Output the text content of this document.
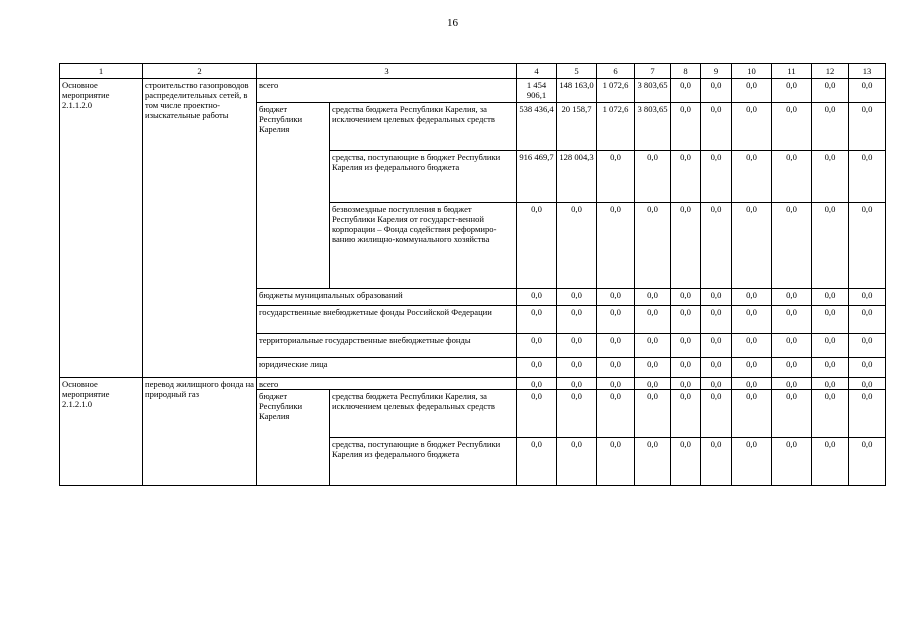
16
1	2	3		4	5	6	7	8	9	10	11	12	13	
Основное мероприятие 2.1.1.2.0	строительство газопроводов распределительных сетей, в том числе проектно-изыскательные работы	всего		1 454 906,1	148 163,0	1 072,6	3 803,65	0,0	0,0	0,0	0,0	0,0	0,0	
		бюджет Республики Карелия	средства бюджета Республики Карелия, за исключением целевых федеральных средств	538 436,4	20 158,7	1 072,6	3 803,65	0,0	0,0	0,0	0,0	0,0	0,0	
			средства, поступающие в бюджет Республики Карелия из федерального бюджета	916 469,7	128 004,3	0,0	0,0	0,0	0,0	0,0	0,0	0,0	0,0	
			безвозмездные поступления в бюджет Республики Карелия от государст-венной корпорации – Фонда содействия реформиро-ванию жилищно-коммунального хозяйства	0,0	0,0	0,0	0,0	0,0	0,0	0,0	0,0	0,0	0,0	
		бюджеты муниципальных образований		0,0	0,0	0,0	0,0	0,0	0,0	0,0	0,0	0,0	0,0	
		государственные внебюджетные фонды Российской Федерации		0,0	0,0	0,0	0,0	0,0	0,0	0,0	0,0	0,0	0,0	
		территориальные государственные внебюджетные фонды		0,0	0,0	0,0	0,0	0,0	0,0	0,0	0,0	0,0	0,0	
		юридические лица		0,0	0,0	0,0	0,0	0,0	0,0	0,0	0,0	0,0	0,0	
Основное мероприятие 2.1.2.1.0	перевод жилищного фонда на природный газ	всего		0,0	0,0	0,0	0,0	0,0	0,0	0,0	0,0	0,0	0,0	
		бюджет Республики Карелия	средства бюджета Республики Карелия, за исключением целевых федеральных средств	0,0	0,0	0,0	0,0	0,0	0,0	0,0	0,0	0,0	0,0	
			средства, поступающие в бюджет Республики Карелия из федерального бюджета	0,0	0,0	0,0	0,0	0,0	0,0	0,0	0,0	0,0	0,0	
